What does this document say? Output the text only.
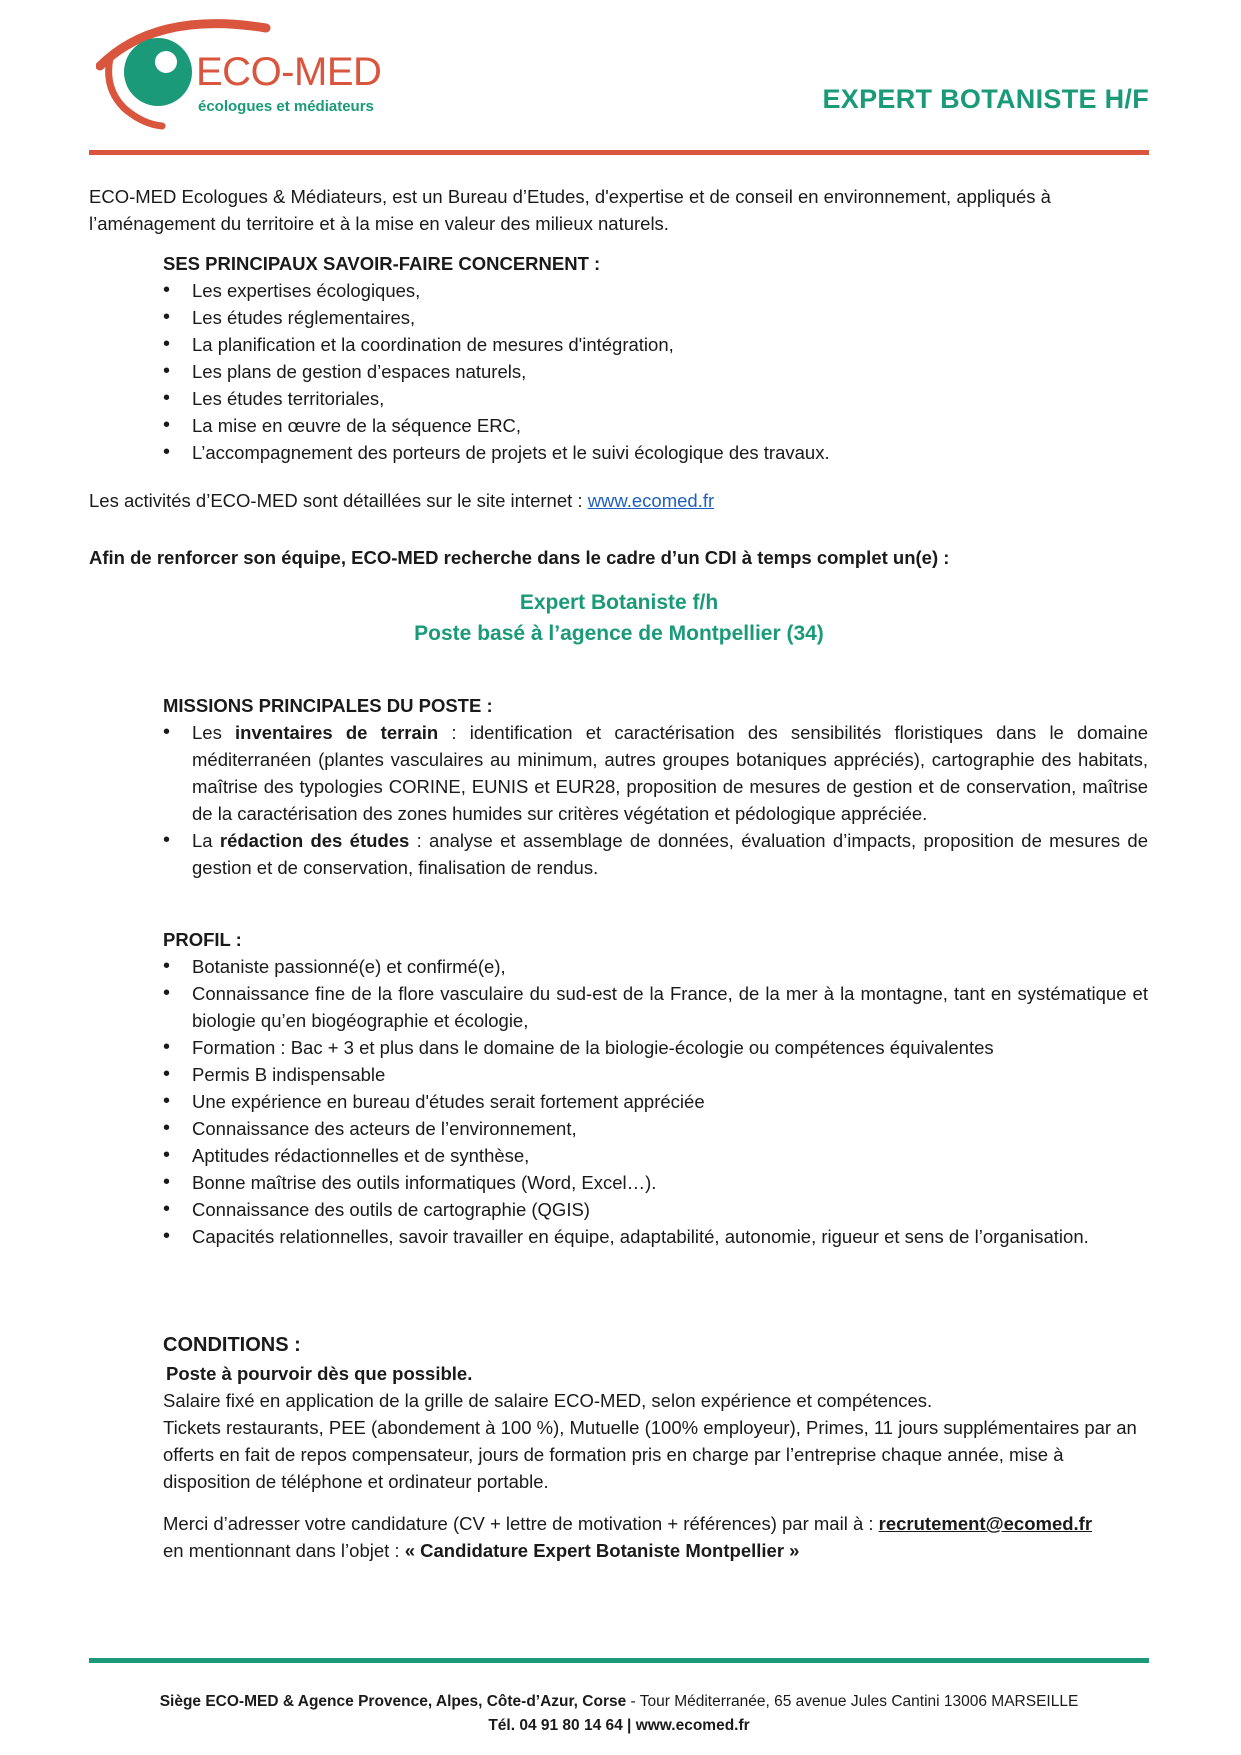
ECO-MED
écologues et médiateurs	EXPERT BOTANISTE H/F
ECO-MED Ecologues & Médiateurs, est un Bureau d’Etudes, d'expertise et de conseil en environnement, appliqués à l’aménagement du territoire et à la mise en valeur des milieux naturels.
SES PRINCIPAUX SAVOIR-FAIRE CONCERNENT :
• Les expertises écologiques,
• Les études réglementaires,
• La planification et la coordination de mesures d'intégration,
• Les plans de gestion d’espaces naturels,
• Les études territoriales,
• La mise en œuvre de la séquence ERC,
• L’accompagnement des porteurs de projets et le suivi écologique des travaux.
Les activités d’ECO-MED sont détaillées sur le site internet : www.ecomed.fr
Afin de renforcer son équipe, ECO-MED recherche dans le cadre d’un CDI à temps complet un(e) :
Expert Botaniste f/h
Poste basé à l’agence de Montpellier (34)
MISSIONS PRINCIPALES DU POSTE :
• Les inventaires de terrain : identification et caractérisation des sensibilités floristiques dans le domaine méditerranéen (plantes vasculaires au minimum, autres groupes botaniques appréciés), cartographie des habitats, maîtrise des typologies CORINE, EUNIS et EUR28, proposition de mesures de gestion et de conservation, maîtrise de la caractérisation des zones humides sur critères végétation et pédologique appréciée.
• La rédaction des études : analyse et assemblage de données, évaluation d’impacts, proposition de mesures de gestion et de conservation, finalisation de rendus.
PROFIL :
• Botaniste passionné(e) et confirmé(e),
• Connaissance fine de la flore vasculaire du sud-est de la France, de la mer à la montagne, tant en systématique et biologie qu’en biogéographie et écologie,
• Formation : Bac + 3 et plus dans le domaine de la biologie-écologie ou compétences équivalentes
• Permis B indispensable
• Une expérience en bureau d'études serait fortement appréciée
• Connaissance des acteurs de l’environnement,
• Aptitudes rédactionnelles et de synthèse,
• Bonne maîtrise des outils informatiques (Word, Excel…).
• Connaissance des outils de cartographie (QGIS)
• Capacités relationnelles, savoir travailler en équipe, adaptabilité, autonomie, rigueur et sens de l’organisation.
CONDITIONS :
Poste à pourvoir dès que possible.
Salaire fixé en application de la grille de salaire ECO-MED, selon expérience et compétences.
Tickets restaurants, PEE (abondement à 100 %), Mutuelle (100% employeur), Primes, 11 jours supplémentaires par an offerts en fait de repos compensateur, jours de formation pris en charge par l’entreprise chaque année, mise à disposition de téléphone et ordinateur portable.
Merci d’adresser votre candidature (CV + lettre de motivation + références) par mail à : recrutement@ecomed.fr
en mentionnant dans l’objet : « Candidature Expert Botaniste Montpellier »
Siège ECO-MED & Agence Provence, Alpes, Côte-d’Azur, Corse - Tour Méditerranée, 65 avenue Jules Cantini 13006 MARSEILLE
Tél. 04 91 80 14 64 | www.ecomed.fr
